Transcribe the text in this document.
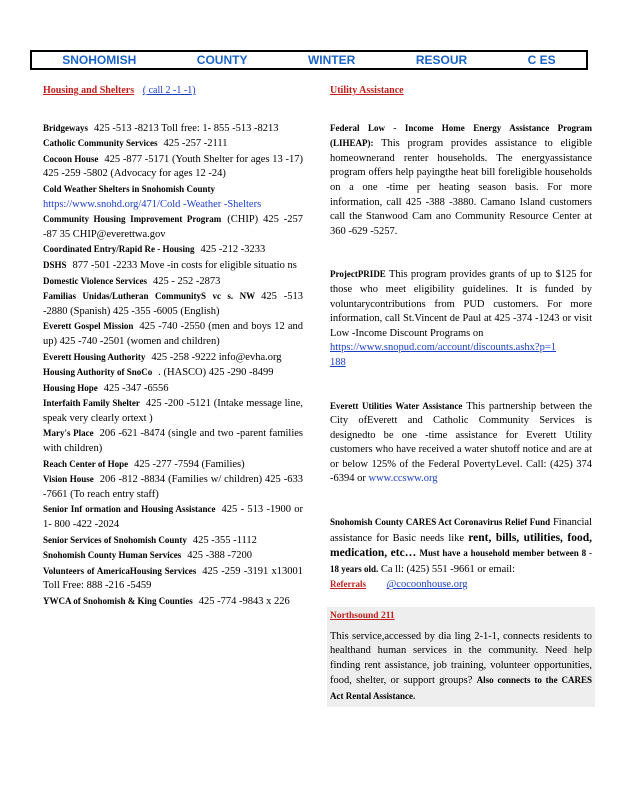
SNOHOMISH	COUNTY	WINTER	RESOUR	C ES
Housing and Shelters ( call 2 -1 -1)
Bridgeways 425 -513 -8213 Toll free: 1- 855 -513 -8213
Catholic Community Services 425 -257 -2111
Cocoon House 425 -877 -5171 (Youth Shelter for ages 13 -17) 425 -259 -5802 (Advocacy for ages 12 -24)
Cold Weather Shelters in Snohomish County
https://www.snohd.org/471/Cold -Weather -Shelters
Community Housing Improvement Program (CHIP) 425 -257 -87 35 CHIP@everettwa.gov
Coordinated Entry/Rapid Re - Housing 425 -212 -3233
DSHS 877 -501 -2233 Move -in costs for eligible situatio ns
Domestic Violence Services 425 - 252 -2873
Familias Unidas/Lutheran CommunityS vc s. NW 425 -513 -2880 (Spanish) 425 -355 -6005 (English)
Everett Gospel Mission 425 -740 -2550 (men and boys 12 and up) 425 -740 -2501 (women and children)
Everett Housing Authority 425 -258 -9222 info@evha.org
Housing Authority of SnoCo . (HASCO) 425 -290 -8499
Housing Hope 425 -347 -6556
Interfaith Family Shelter 425 -200 -5121 (Intake message line, speak very clearly ortext )
Mary's Place 206 -621 -8474 (single and two -parent families with children)
Reach Center of Hope 425 -277 -7594 (Families)
Vision House 206 -812 -8834 (Families w/ children) 425 -633 -7661 (To reach entry staff)
Senior Inf ormation and Housing Assistance 425 - 513 -1900 or 1- 800 -422 -2024
Senior Services of Snohomish County 425 -355 -1112
Snohomish County Human Services 425 -388 -7200
Volunteers of AmericaHousing Services 425 -259 -3191 x13001 Toll Free: 888 -216 -5459
YWCA of Snohomish & King Counties 425 -774 -9843 x 226
Utility Assistance
Federal Low - Income Home Energy Assistance Program (LIHEAP): This program provides assistance to eligible homeownerand renter households. The energyassistance program offers help payingthe heat bill foreligible households on a one -time per heating season basis. For more information, call 425 -388 -3880. Camano Island customers call the Stanwood Cam ano Community Resource Center at 360 -629 -5257.
ProjectPRIDE This program provides grants of up to $125 for those who meet eligibility guidelines. It is funded by voluntarycontributions from PUD customers. For more information, call St.Vincent de Paul at 425 -374 -1243 or visit Low -Income Discount Programs on
https://www.snopud.com/account/discounts.ashx?p=1 188
Everett Utilities Water Assistance This partnership between the City ofEverett and Catholic Community Services is designedto be one -time assistance for Everett Utility customers who have received a water shutoff notice and are at or below 125% of the Federal PovertyLevel. Call: (425) 374 -6394 or www.ccsww.org
Snohomish County CARES Act Coronavirus Relief Fund Financial assistance for Basic needs like rent, bills, utilities, food, medication, etc… Must have a household member between 8 - 18 years old. Ca ll: (425) 551 -9661 or email:
Referrals @cocoonhouse.org
Northsound 211
This service,accessed by dia ling 2-1-1, connects residents to healthand human services in the community. Need help finding rent assistance, job training, volunteer opportunities, food, shelter, or support groups? Also connects to the CARES Act Rental Assistance.
